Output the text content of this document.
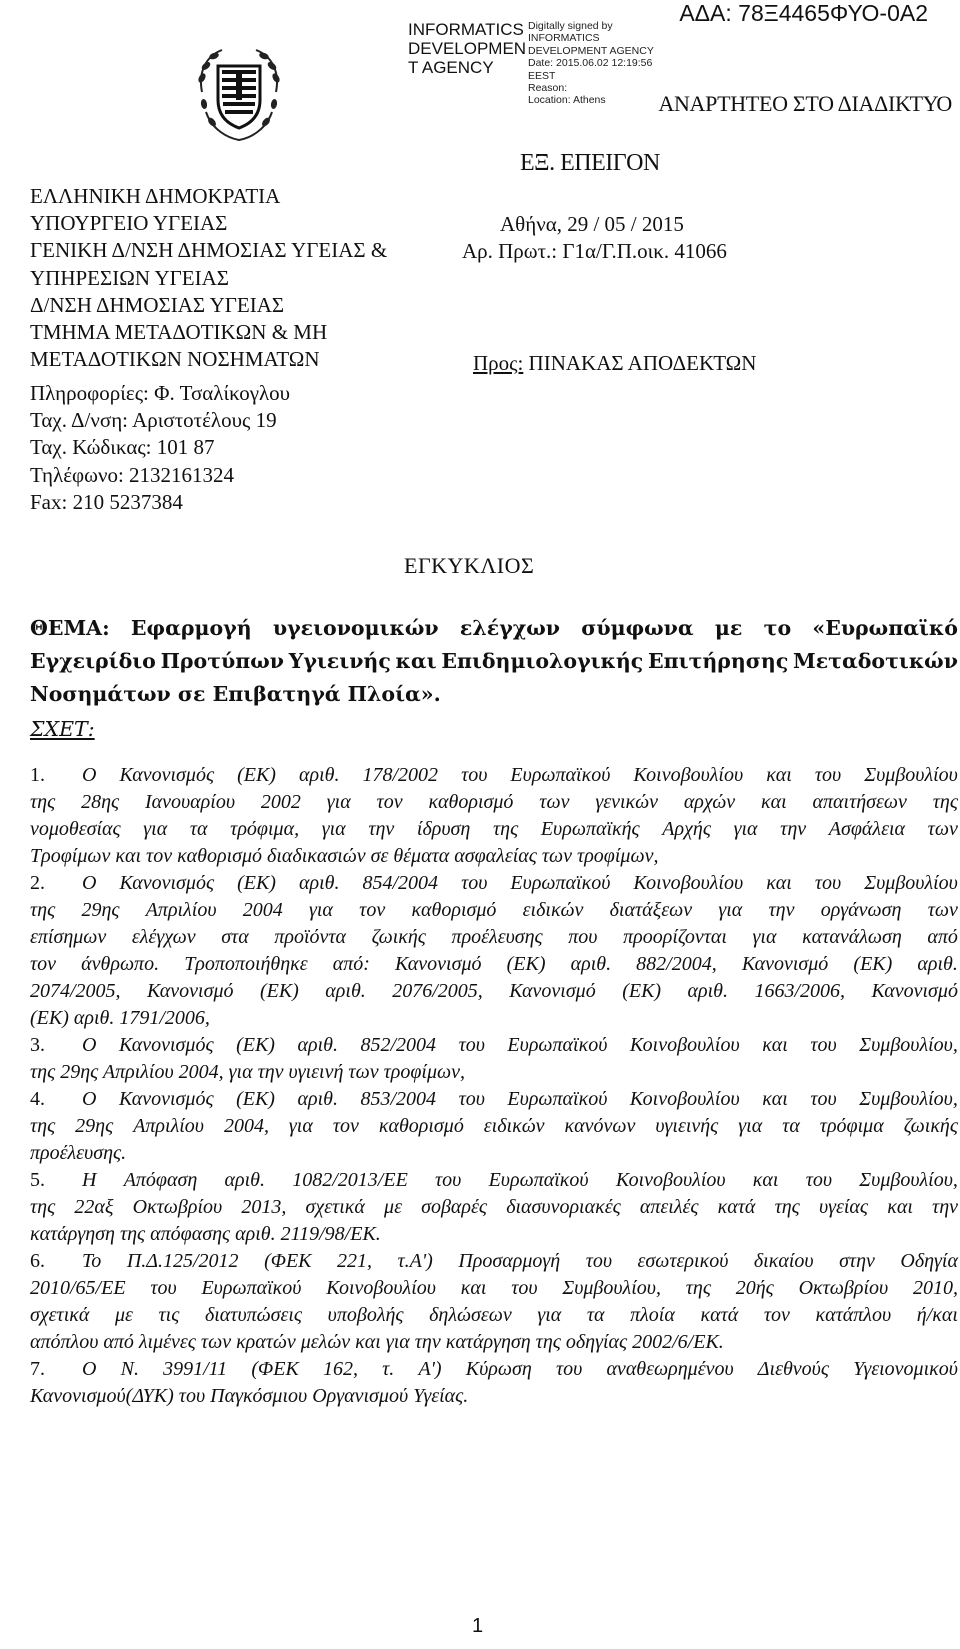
INFORMATICS
DEVELOPMEN
T AGENCY
Digitally signed by
INFORMATICS
DEVELOPMENT AGENCY
Date: 2015.06.02 12:19:56
EEST
Reason:
Location: Athens
ΑΔΑ: 78Ξ4465ΦΥΟ-0Α2
ΑΝΑΡΤΗΤΕΟ ΣΤΟ ΔΙΑΔΙΚΤΥΟ
ΕΞ. ΕΠΕΙΓΟΝ
ΕΛΛΗΝΙΚΗ ΔΗΜΟΚΡΑΤΙΑ
ΥΠΟΥΡΓΕΙΟ ΥΓΕΙΑΣ
ΓΕΝΙΚΗ Δ/ΝΣΗ ΔΗΜΟΣΙΑΣ ΥΓΕΙΑΣ &
ΥΠΗΡΕΣΙΩΝ ΥΓΕΙΑΣ
Δ/ΝΣΗ ΔΗΜΟΣΙΑΣ ΥΓΕΙΑΣ
ΤΜΗΜΑ ΜΕΤΑΔΟΤΙΚΩΝ & ΜΗ
ΜΕΤΑΔΟΤΙΚΩΝ ΝΟΣΗΜΑΤΩΝ
Πληροφορίες: Φ. Τσαλίκογλου
Ταχ. Δ/νση: Αριστοτέλους 19
Ταχ. Κώδικας: 101 87
Τηλέφωνο: 2132161324
Fax: 210 5237384
Αθήνα, 29 / 05 / 2015
Αρ. Πρωτ.: Γ1α/Γ.Π.οικ. 41066
Προς: ΠΙΝΑΚΑΣ ΑΠΟΔΕΚΤΩΝ
ΕΓΚΥΚΛΙΟΣ
ΘΕΜΑ: Εφαρμογή υγειονομικών ελέγχων σύμφωνα με το «Ευρωπαϊκό
Εγχειρίδιο Προτύπων Υγιεινής και Επιδημιολογικής Επιτήρησης Μεταδοτικών
Νοσημάτων σε Επιβατηγά Πλοία».
ΣΧΕΤ:
1.	Ο Κανονισμός (ΕΚ) αριθ. 178/2002 του Ευρωπαϊκού Κοινοβουλίου και του Συμβουλίου
της 28ης Ιανουαρίου 2002 για τον καθορισμό των γενικών αρχών και απαιτήσεων της
νομοθεσίας για τα τρόφιμα, για την ίδρυση της Ευρωπαϊκής Αρχής για την Ασφάλεια των
Τροφίμων και τον καθορισμό διαδικασιών σε θέματα ασφαλείας των τροφίμων,
2.	Ο Κανονισμός (ΕΚ) αριθ. 854/2004 του Ευρωπαϊκού Κοινοβουλίου και του Συμβουλίου
της 29ης Απριλίου 2004 για τον καθορισμό ειδικών διατάξεων για την οργάνωση των
επίσημων ελέγχων στα προϊόντα ζωικής προέλευσης που προορίζονται για κατανάλωση από
τον άνθρωπο. Τροποποιήθηκε από: Κανονισμό (ΕΚ) αριθ. 882/2004, Κανονισμό (ΕΚ) αριθ.
2074/2005, Κανονισμό (ΕΚ) αριθ. 2076/2005, Κανονισμό (ΕΚ) αριθ. 1663/2006, Κανονισμό
(ΕΚ) αριθ. 1791/2006,
3.	Ο Κανονισμός (ΕΚ) αριθ. 852/2004 του Ευρωπαϊκού Κοινοβουλίου και του Συμβουλίου,
της 29ης Απριλίου 2004, για την υγιεινή των τροφίμων,
4.	Ο Κανονισμός (ΕΚ) αριθ. 853/2004 του Ευρωπαϊκού Κοινοβουλίου και του Συμβουλίου,
της 29ης Απριλίου 2004, για τον καθορισμό ειδικών κανόνων υγιεινής για τα τρόφιμα ζωικής
προέλευσης.
5.	Η Απόφαση αριθ. 1082/2013/ΕΕ του Ευρωπαϊκού Κοινοβουλίου και του Συμβουλίου,
της 22αξ Οκτωβρίου 2013, σχετικά με σοβαρές διασυνοριακές απειλές κατά της υγείας και την
κατάργηση της απόφασης αριθ. 2119/98/ΕΚ.
6.	Το Π.Δ.125/2012 (ΦΕΚ 221, τ.Α') Προσαρμογή του εσωτερικού δικαίου στην Οδηγία
2010/65/ΕΕ του Ευρωπαϊκού Κοινοβουλίου και του Συμβουλίου, της 20ής Οκτωβρίου 2010,
σχετικά με τις διατυπώσεις υποβολής δηλώσεων για τα πλοία κατά τον κατάπλου ή/και
απόπλου από λιμένες των κρατών μελών και για την κατάργηση της οδηγίας 2002/6/ΕΚ.
7.	Ο Ν. 3991/11 (ΦΕΚ 162, τ. Α') Κύρωση του αναθεωρημένου Διεθνούς Υγειονομικού
Κανονισμού(ΔΥΚ) του Παγκόσμιου Οργανισμού Υγείας.
1
